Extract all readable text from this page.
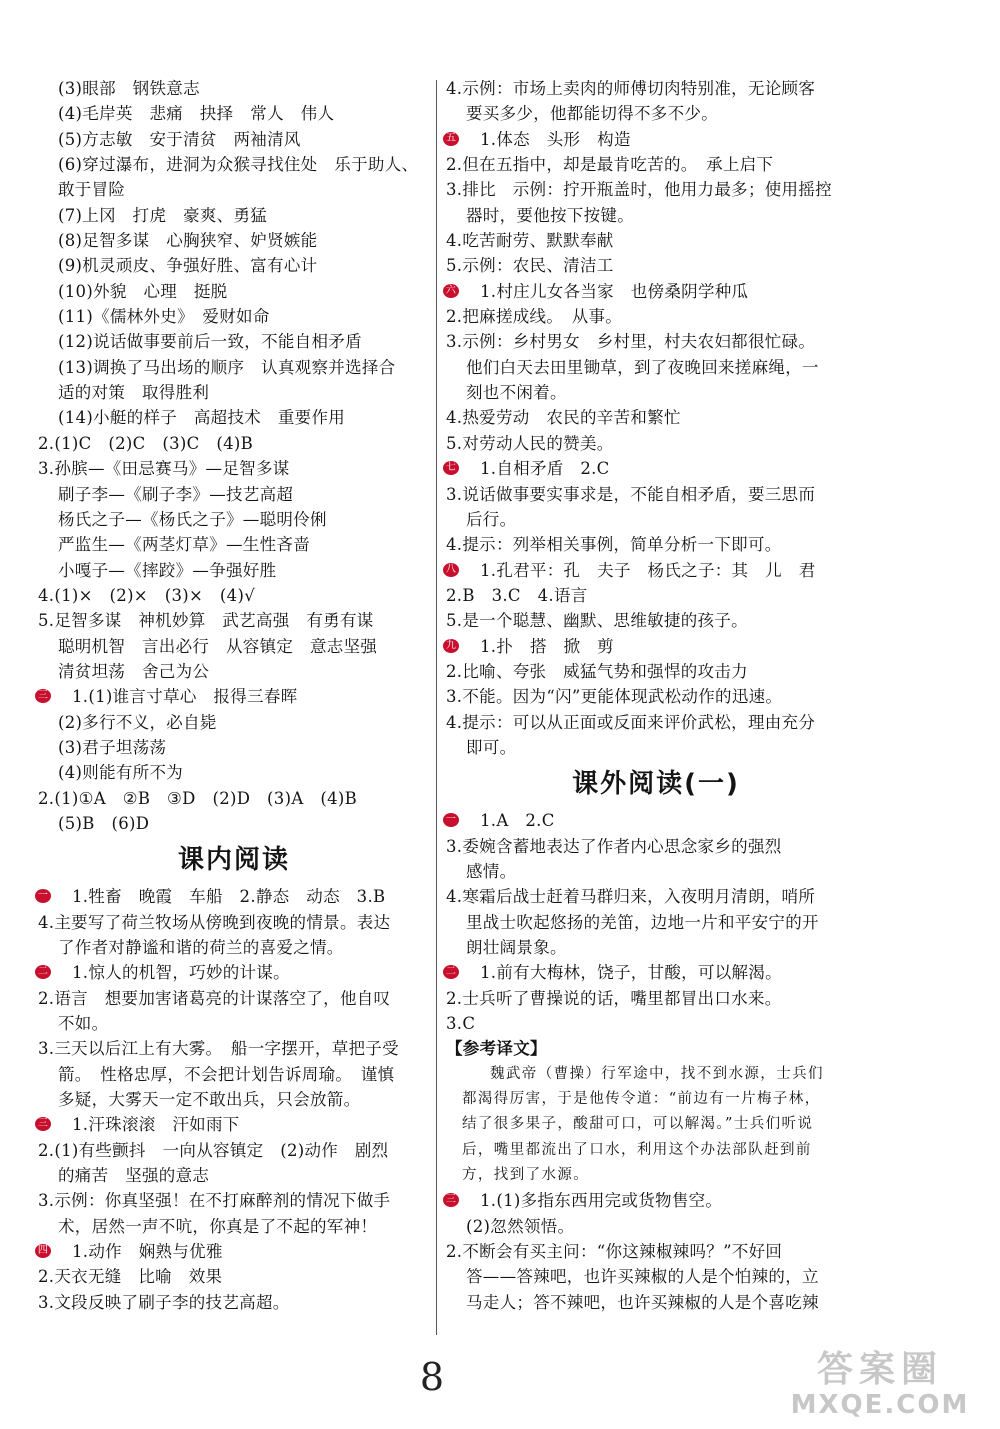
(3)眼部　钢铁意志
(4)毛岸英　悲痛　抉择　常人　伟人
(5)方志敏　安于清贫　两袖清风
(6)穿过瀑布，进洞为众猴寻找住处　乐于助人、
敢于冒险
(7)上冈　打虎　豪爽、勇猛
(8)足智多谋　心胸狭窄、妒贤嫉能
(9)机灵顽皮、争强好胜、富有心计
(10)外貌　心理　挺脱
(11)《儒林外史》　爱财如命
(12)说话做事要前后一致，不能自相矛盾
(13)调换了马出场的顺序　认真观察并选择合
适的对策　取得胜利
(14)小艇的样子　高超技术　重要作用
2.(1)C　(2)C　(3)C　(4)B
3.孙膑—《田忌赛马》—足智多谋
刷子李—《刷子李》—技艺高超
杨氏之子—《杨氏之子》—聪明伶俐
严监生—《两茎灯草》—生性吝啬
小嘎子—《摔跤》—争强好胜
4.(1)×　(2)×　(3)×　(4)√
5.足智多谋　神机妙算　武艺高强　有勇有谋
聪明机智　言出必行　从容镇定　意志坚强
清贫坦荡　舍己为公
三 1.(1)谁言寸草心　报得三春晖
(2)多行不义，必自毙
(3)君子坦荡荡
(4)则能有所不为
2.(1)①A　②B　③D　(2)D　(3)A　(4)B
(5)B　(6)D
课内阅读
一 1.牲畜　晚霞　车船　2.静态　动态　3.B
4.主要写了荷兰牧场从傍晚到夜晚的情景。表达
了作者对静谧和谐的荷兰的喜爱之情。
二 1.惊人的机智，巧妙的计谋。
2.语言　想要加害诸葛亮的计谋落空了，他自叹
不如。
3.三天以后江上有大雾。　船一字摆开，草把子受
箭。　性格忠厚，不会把计划告诉周瑜。　谨慎
多疑，大雾天一定不敢出兵，只会放箭。
三 1.汗珠滚滚　汗如雨下
2.(1)有些颤抖　一向从容镇定　(2)动作　剧烈
的痛苦　坚强的意志
3.示例：你真坚强！在不打麻醉剂的情况下做手
术，居然一声不吭，你真是了不起的军神！
四 1.动作　娴熟与优雅
2.天衣无缝　比喻　效果
3.文段反映了刷子李的技艺高超。
4.示例：市场上卖肉的师傅切肉特别准，无论顾客
要买多少，他都能切得不多不少。
五 1.体态　头形　构造
2.但在五指中，却是最肯吃苦的。　承上启下
3.排比　示例：拧开瓶盖时，他用力最多；使用摇控
器时，要他按下按键。
4.吃苦耐劳、默默奉献
5.示例：农民、清洁工
六 1.村庄儿女各当家　也傍桑阴学种瓜
2.把麻搓成线。　从事。
3.示例：乡村男女　乡村里，村夫农妇都很忙碌。
他们白天去田里锄草，到了夜晚回来搓麻绳，一
刻也不闲着。
4.热爱劳动　农民的辛苦和繁忙
5.对劳动人民的赞美。
七 1.自相矛盾　2.C
3.说话做事要实事求是，不能自相矛盾，要三思而
后行。
4.提示：列举相关事例，简单分析一下即可。
八 1.孔君平：孔　夫子　杨氏之子：其　儿　君
2.B　3.C　4.语言
5.是一个聪慧、幽默、思维敏捷的孩子。
九 1.扑　搭　掀　剪
2.比喻、夸张　威猛气势和强悍的攻击力
3.不能。因为“闪”更能体现武松动作的迅速。
4.提示：可以从正面或反面来评价武松，理由充分
即可。
课外阅读(一)
一 1.A　2.C
3.委婉含蓄地表达了作者内心思念家乡的强烈
感情。
4.寒霜后战士赶着马群归来，入夜明月清朗，哨所
里战士吹起悠扬的羌笛，边地一片和平安宁的开
朗壮阔景象。
二 1.前有大梅林，饶子，甘酸，可以解渴。
2.士兵听了曹操说的话，嘴里都冒出口水来。
3.C
【参考译文】
魏武帝（曹操）行军途中，找不到水源，士兵们
都渴得厉害，于是他传令道：“前边有一片梅子林，
结了很多果子，酸甜可口，可以解渴。”士兵们听说
后，嘴里都流出了口水，利用这个办法部队赶到前
方，找到了水源。
三 1.(1)多指东西用完或货物售空。
(2)忽然领悟。
2.不断会有买主问：“你这辣椒辣吗？”不好回
答——答辣吧，也许买辣椒的人是个怕辣的，立
马走人；答不辣吧，也许买辣椒的人是个喜吃辣
8	答案圈
MXQE.COM
